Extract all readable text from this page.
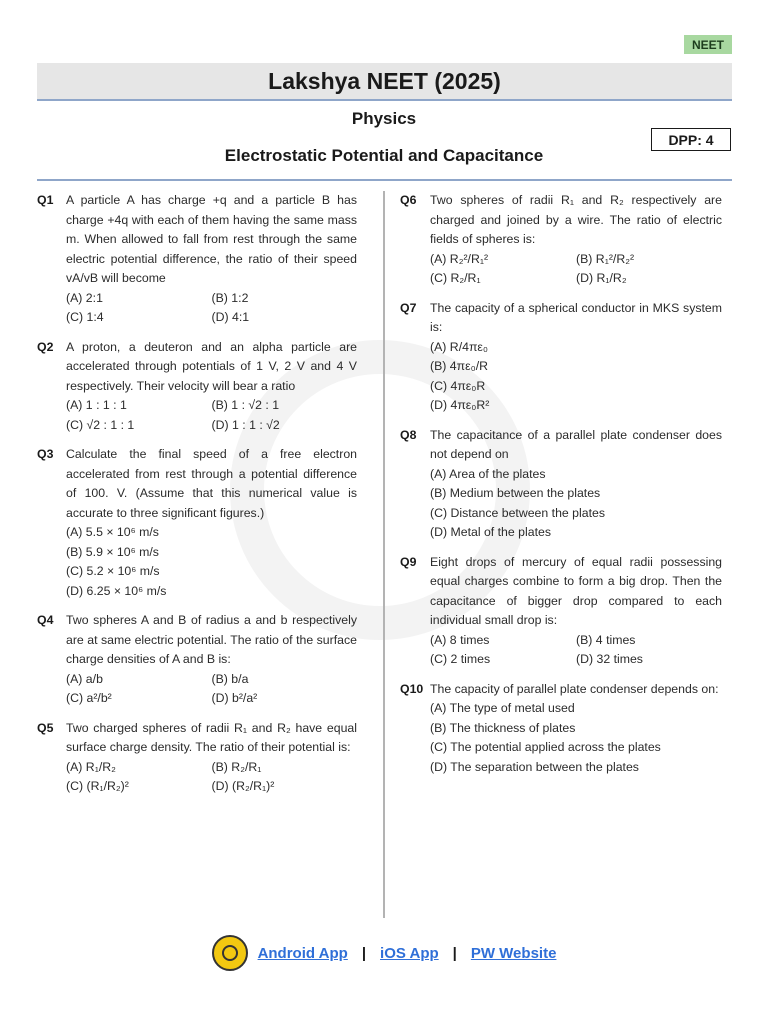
NEET
Lakshya NEET (2025)
Physics
DPP: 4
Electrostatic Potential and Capacitance
Q1	A particle A has charge +q and a particle B has charge +4q with each of them having the same mass m. When allowed to fall from rest through the same electric potential difference, the ratio of their speed vA/vB will become
(A) 2:1	(B) 1:2
(C) 1:4	(D) 4:1
Q2	A proton, a deuteron and an alpha particle are accelerated through potentials of 1 V, 2 V and 4 V respectively. Their velocity will bear a ratio
(A) 1 : 1 : 1	(B) 1 : √2 : 1
(C) √2 : 1 : 1	(D) 1 : 1 : √2
Q3	Calculate the final speed of a free electron accelerated from rest through a potential difference of 100. V. (Assume that this numerical value is accurate to three significant figures.)
(A) 5.5 × 10⁶ m/s
(B) 5.9 × 10⁶ m/s
(C) 5.2 × 10⁶ m/s
(D) 6.25 × 10⁶ m/s
Q4	Two spheres A and B of radius a and b respectively are at same electric potential. The ratio of the surface charge densities of A and B is:
(A) a/b	(B) b/a
(C) a²/b²	(D) b²/a²
Q5	Two charged spheres of radii R₁ and R₂ have equal surface charge density. The ratio of their potential is:
(A) R₁/R₂	(B) R₂/R₁
(C) (R₁/R₂)²	(D) (R₂/R₁)²
Q6	Two spheres of radii R₁ and R₂ respectively are charged and joined by a wire. The ratio of electric fields of spheres is:
(A) R₂²/R₁²	(B) R₁²/R₂²
(C) R₂/R₁	(D) R₁/R₂
Q7	The capacity of a spherical conductor in MKS system is:
(A) R/4πε₀
(B) 4πε₀/R
(C) 4πε₀R
(D) 4πε₀R²
Q8	The capacitance of a parallel plate condenser does not depend on
(A) Area of the plates
(B) Medium between the plates
(C) Distance between the plates
(D) Metal of the plates
Q9	Eight drops of mercury of equal radii possessing equal charges combine to form a big drop. Then the capacitance of bigger drop compared to each individual small drop is:
(A) 8 times	(B) 4 times
(C) 2 times	(D) 32 times
Q10 The capacity of parallel plate condenser depends on:
(A) The type of metal used
(B) The thickness of plates
(C) The potential applied across the plates
(D) The separation between the plates
Android App | iOS App | PW Website
